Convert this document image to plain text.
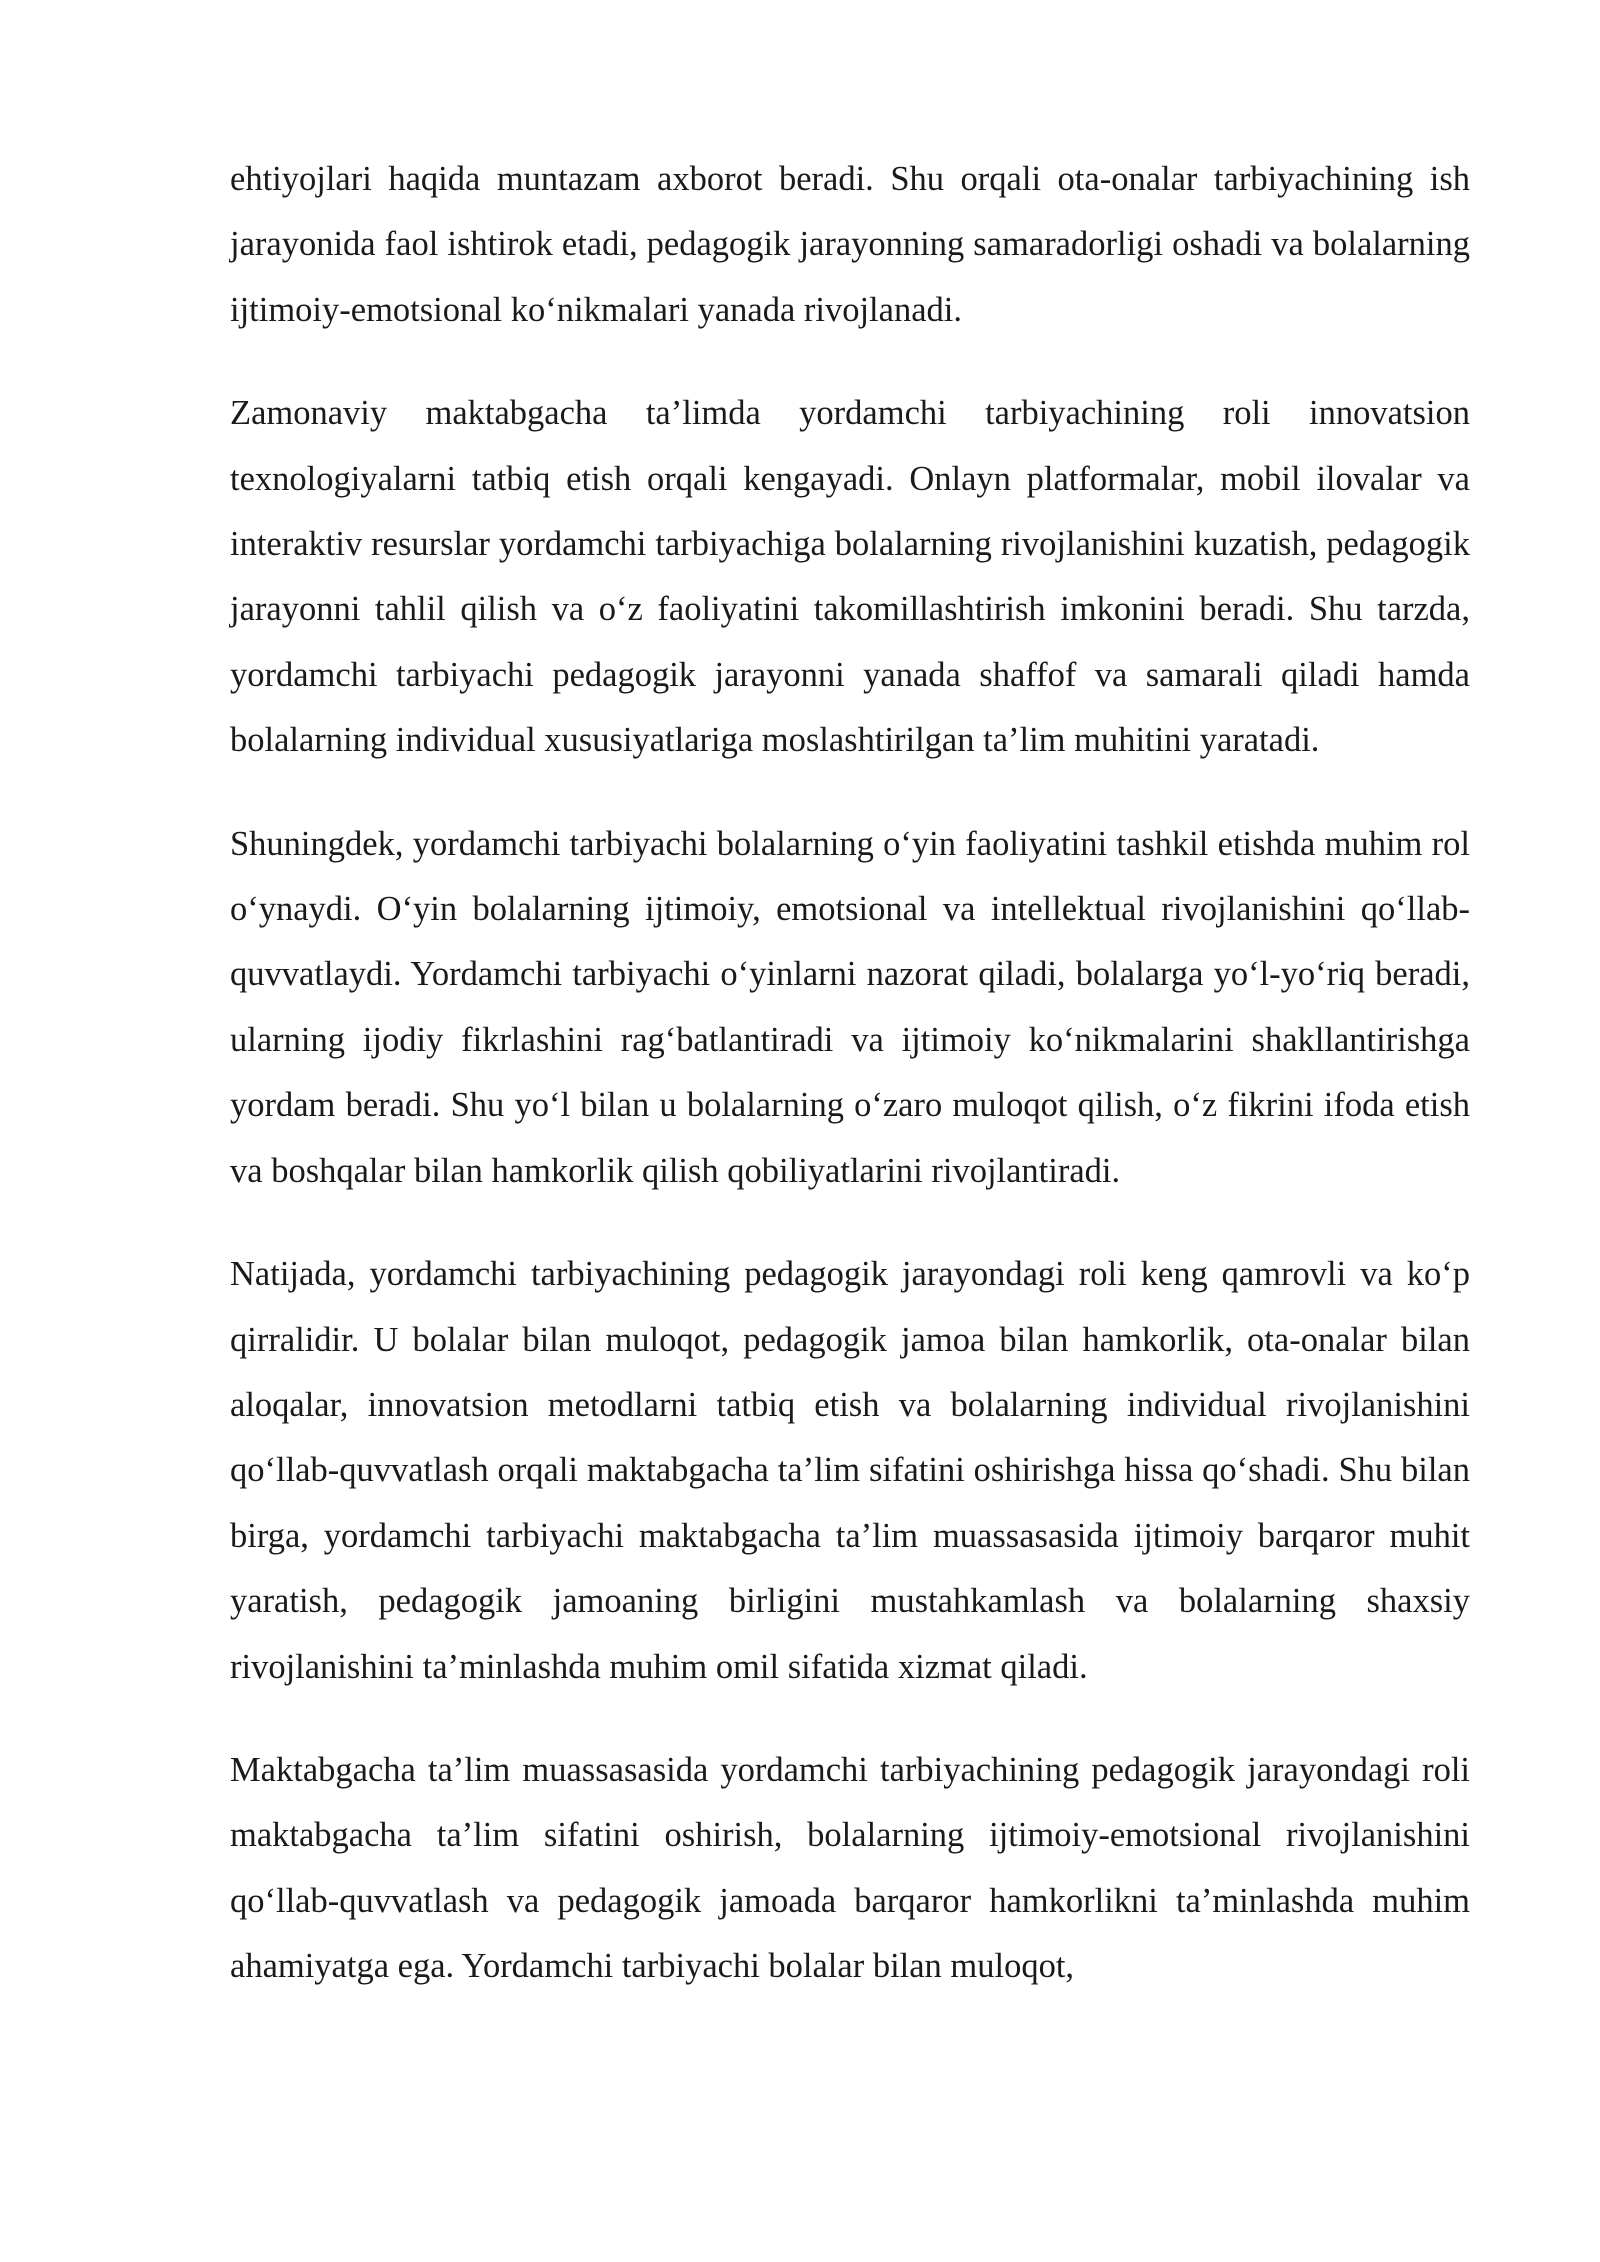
ehtiyojlari haqida muntazam axborot beradi. Shu orqali ota-onalar tarbiyachining ish jarayonida faol ishtirok etadi, pedagogik jarayonning samaradorligi oshadi va bolalarning ijtimoiy-emotsional ko‘nikmalari yanada rivojlanadi.

Zamonaviy maktabgacha ta’limda yordamchi tarbiyachining roli innovatsion texnologiyalarni tatbiq etish orqali kengayadi. Onlayn platformalar, mobil ilovalar va interaktiv resurslar yordamchi tarbiyachiga bolalarning rivojlanishini kuzatish, pedagogik jarayonni tahlil qilish va o‘z faoliyatini takomillashtirish imkonini beradi. Shu tarzda, yordamchi tarbiyachi pedagogik jarayonni yanada shaffof va samarali qiladi hamda bolalarning individual xususiyatlariga moslashtirilgan ta’lim muhitini yaratadi.

Shuningdek, yordamchi tarbiyachi bolalarning o‘yin faoliyatini tashkil etishda muhim rol o‘ynaydi. O‘yin bolalarning ijtimoiy, emotsional va intellektual rivojlanishini qo‘llab-quvvatlaydi. Yordamchi tarbiyachi o‘yinlarni nazorat qiladi, bolalarga yo‘l-yo‘riq beradi, ularning ijodiy fikrlashini rag‘batlantiradi va ijtimoiy ko‘nikmalarini shakllantirishga yordam beradi. Shu yo‘l bilan u bolalarning o‘zaro muloqot qilish, o‘z fikrini ifoda etish va boshqalar bilan hamkorlik qilish qobiliyatlarini rivojlantiradi.

Natijada, yordamchi tarbiyachining pedagogik jarayondagi roli keng qamrovli va ko‘p qirralidir. U bolalar bilan muloqot, pedagogik jamoa bilan hamkorlik, ota-onalar bilan aloqalar, innovatsion metodlarni tatbiq etish va bolalarning individual rivojlanishini qo‘llab-quvvatlash orqali maktabgacha ta’lim sifatini oshirishga hissa qo‘shadi. Shu bilan birga, yordamchi tarbiyachi maktabgacha ta’lim muassasasida ijtimoiy barqaror muhit yaratish, pedagogik jamoaning birligini mustahkamlash va bolalarning shaxsiy rivojlanishini ta’minlashda muhim omil sifatida xizmat qiladi.

Maktabgacha ta’lim muassasasida yordamchi tarbiyachining pedagogik jarayondagi roli maktabgacha ta’lim sifatini oshirish, bolalarning ijtimoiy-emotsional rivojlanishini qo‘llab-quvvatlash va pedagogik jamoada barqaror hamkorlikni ta’minlashda muhim ahamiyatga ega. Yordamchi tarbiyachi bolalar bilan muloqot,
